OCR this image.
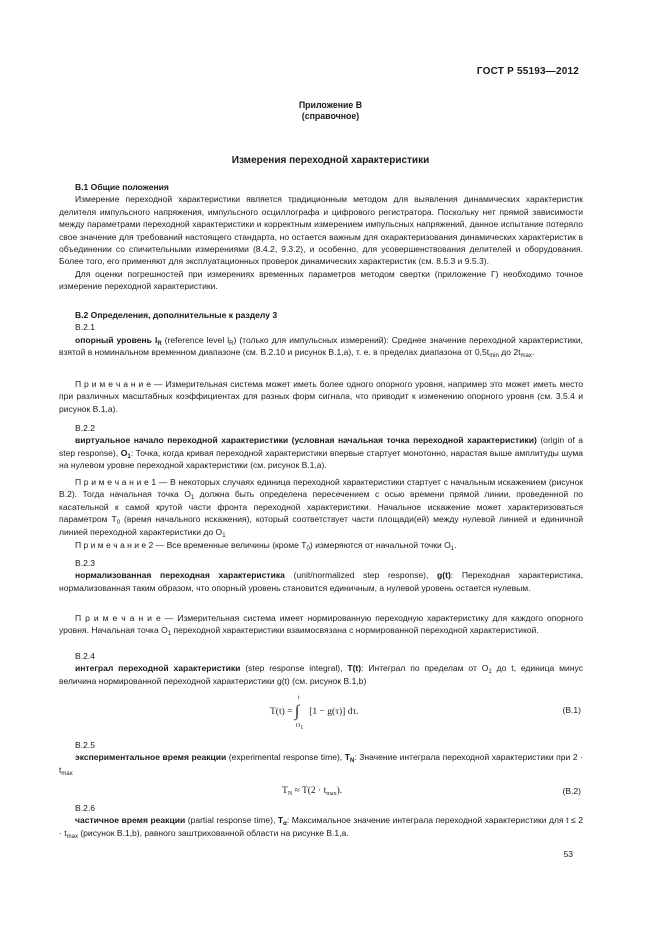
ГОСТ Р 55193—2012
Приложение В
(справочное)
Измерения переходной характеристики

В.1 Общие положения

Измерение переходной характеристики является традиционным методом для выявления динамических характеристик делителя импульсного напряжения, импульсного осциллографа и цифрового регистратора. Поскольку нет прямой зависимости между параметрами переходной характеристики и корректным измерением импульсных напряжений, данное испытание потеряло свое значение для требований настоящего стандарта, но остается важным для охарактеризования динамических характеристик в объединении со спичительными измерениями (8.4.2, 9.3.2), и особенно, для усовершенствования делителей и оборудования. Более того, его применяют для эксплуатационных проверок динамических характеристик (см. 8.5.3 и 9.5.3).

Для оценки погрешностей при измерениях временных параметров методом свертки (приложение Г) необходимо точное измерение переходной характеристики.

В.2 Определения, дополнительные к разделу 3

В.2.1

опорный уровень $l_R$ (reference level $l_R$) (только для импульсных измерений): Среднее значение переходной характеристики, взятой в номинальном временном диапазоне (см. В.2.10 и рисунок В.1,а), т. е. в пределах диапазона от $0,5t_{min}$ до $2t_{max}$.

П р и м е ч а н и е — Измерительная система может иметь более одного опорного уровня, например это может иметь место при различных масштабных коэффициентах для разных форм сигнала, что приводит к изменению опорного уровня (см. 3.5.4 и рисунок В.1,а).

В.2.2

виртуальное начало переходной характеристики (условная начальная точка переходной характеристики) (origin of a step response), $O_1$: Точка, когда кривая переходной характеристики впервые стартует монотонно, нарастая выше амплитуды шума на нулевом уровне переходной характеристики (см. рисунок В.1,а).

П р и м е ч а н и е 1 — В некоторых случаях единица переходной характеристики стартует с начальным искажением (рисунок В.2). Тогда начальная точка $O_1$ должна быть определена пересечением с осью времени прямой линии, проведенной по касательной к самой крутой части фронта переходной характеристики. Начальное искажение может характеризоваться параметром $T_0$ (время начального искажения), который соответствует части площади(ей) между нулевой линией и единичной линией переходной характеристики до $O_1$

П р и м е ч а н и е 2 — Все временные величины (кроме $T_0$) измеряются от начальной точки $O_1$.

В.2.3

нормализованная переходная характеристика (unit/normalized step response), g(t): Переходная характеристика, нормализованная таким образом, что опорный уровень становится единичным, а нулевой уровень остается нулевым.

П р и м е ч а н и е — Измерительная система имеет нормированную переходную характеристику для каждого опорного уровня. Начальная точка $O_1$ переходной характеристики взаимосвязана с нормированной переходной характеристикой.

В.2.4

интеграл переходной характеристики (step response integral), T(t): Интеграл по пределам от $O_1$ до t, единица минус величина нормированной переходной характеристики g(t) (см. рисунок В.1,b)

T(t) =
t
∫
$O_1$
[1 − g(τ)] dτ.	(В.1)

В.2.5

экспериментальное время реакции (experimental response time), $T_N$: Значение интеграла переходной характеристики при $2 \cdot t_{max}$

$T_N \approx T(2 \cdot t_{max})$.	(В.2)

В.2.6

частичное время реакции (partial response time), $T_\alpha$: Максимальное значение интеграла переходной характеристики для $t \le 2 \cdot t_{max}$ (рисунок В.1,b), равного заштрихованной области на рисунке В.1,a.

53
